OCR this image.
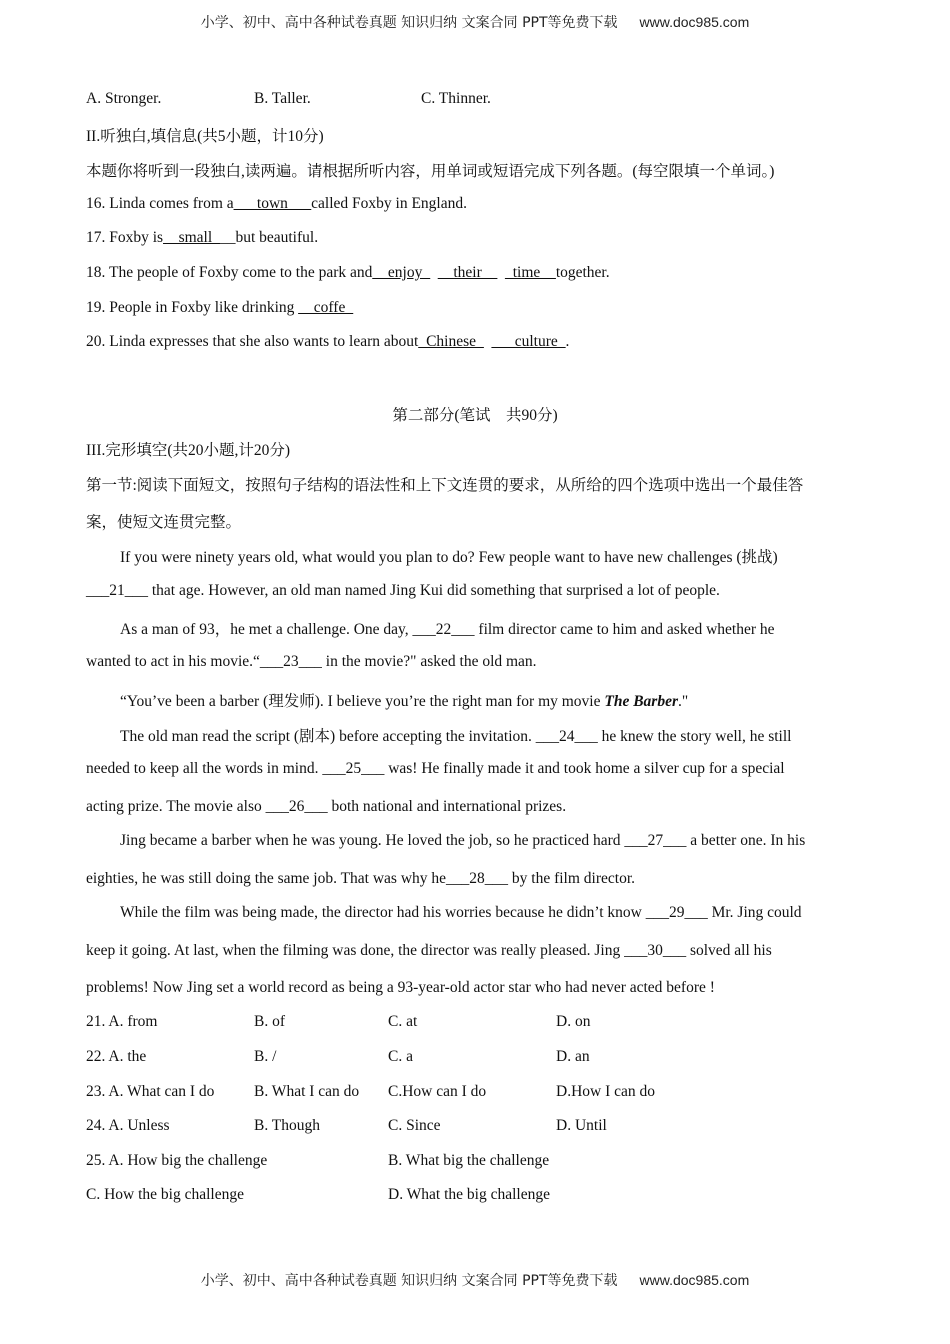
小学、初中、高中各种试卷真题 知识归纳 文案合同 PPT等免费下载 www.doc985.com
A. Stronger.	B. Taller.	C. Thinner.
II.听独白,填信息(共5小题，计10分)
本题你将听到一段独白,读两遍。请根据所听内容，用单词或短语完成下列各题。(每空限填一个单词。)
16. Linda comes from a___town___called Foxby in England.
17. Foxby is__small___but beautiful.
18. The people of Foxby come to the park and__enjoy_ __their__ _time__together.
19. People in Foxby like drinking __coffe_
20. Linda expresses that she also wants to learn about_Chinese_ ___culture_.
第二部分(笔试　共90分)
III.完形填空(共20小题,计20分)
第一节:阅读下面短文，按照句子结构的语法性和上下文连贯的要求，从所给的四个选项中选出一个最佳答
案，使短文连贯完整。
If you were ninety years old, what would you plan to do? Few people want to have new challenges (挑战)
___21___ that age. However, an old man named Jing Kui did something that surprised a lot of people.
As a man of 93，he met a challenge. One day, ___22___ film director came to him and asked whether he
wanted to act in his movie.“___23___ in the movie?" asked the old man.
“You’ve been a barber (理发师). I believe you’re the right man for my movie The Barber."
The old man read the script (剧本) before accepting the invitation. ___24___ he knew the story well, he still
needed to keep all the words in mind. ___25___ was! He finally made it and took home a silver cup for a special
acting prize. The movie also ___26___ both national and international prizes.
Jing became a barber when he was young. He loved the job, so he practiced hard ___27___ a better one. In his
eighties, he was still doing the same job. That was why he___28___ by the film director.
While the film was being made, the director had his worries because he didn’t know ___29___ Mr. Jing could
keep it going. At last, when the filming was done, the director was really pleased. Jing ___30___ solved all his
problems! Now Jing set a world record as being a 93-year-old actor star who had never acted before !
21. A. from	B. of	C. at	D. on
22. A. the	B. /	C. a	D. an
23. A. What can I do	B. What I can do C.How can I do	D.How I can do
24. A. Unless	B. Though	C. Since	D. Until
25. A. How big the challenge	B. What big the challenge
C. How the big challenge	D. What the big challenge
小学、初中、高中各种试卷真题 知识归纳 文案合同 PPT等免费下载 www.doc985.com
